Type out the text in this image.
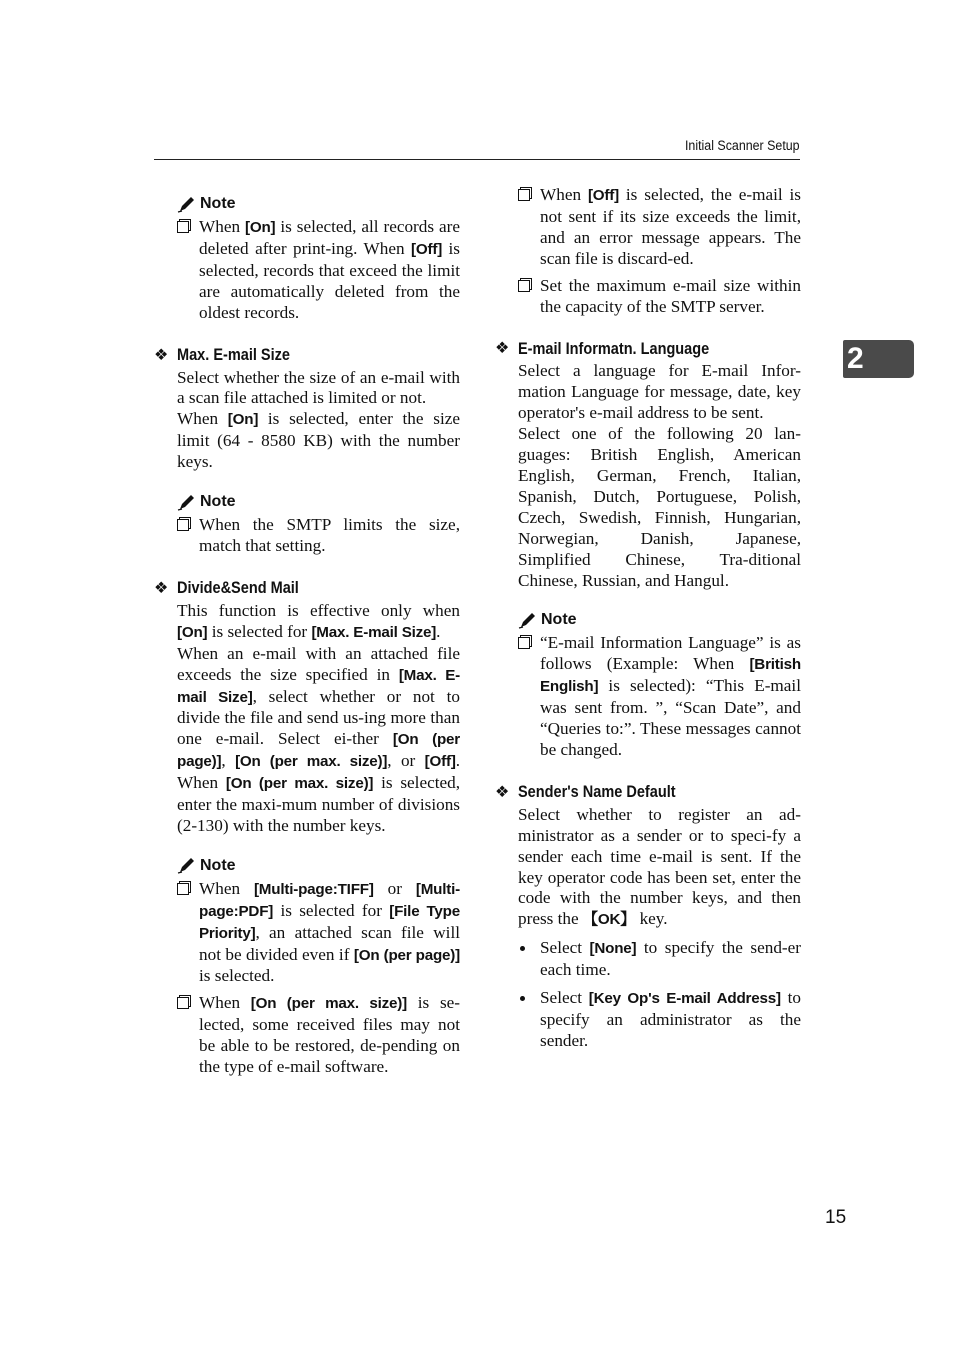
Initial Scanner Setup
2
Note

When [On] is selected, all records are deleted after print-ing. When [Off] is selected, records that exceed the limit are automatically deleted from the oldest records.

❖ Max. E-mail Size

Select whether the size of an e-mail with a scan file attached is limited or not.

When [On] is selected, enter the size limit (64 - 8580 KB) with the number keys.

Note

When the SMTP limits the size, match that setting.

❖ Divide&Send Mail

This function is effective only when [On] is selected for [Max. E-mail Size].

When an e-mail with an attached file exceeds the size specified in [Max. E-mail Size], select whether or not to divide the file and send us-ing more than one e-mail. Select ei-ther [On (per page)], [On (per max. size)], or [Off]. When [On (per max. size)] is selected, enter the maxi-mum number of divisions (2-130) with the number keys.

Note

When [Multi-page:TIFF] or [Multi-page:PDF] is selected for [File Type Priority], an attached scan file will not be divided even if [On (per page)] is selected.

When [On (per max. size)] is se-lected, some received files may not be able to be restored, de-pending on the type of e-mail software.

When [Off] is selected, the e-mail is not sent if its size exceeds the limit, and an error message appears. The scan file is discard-ed.

Set the maximum e-mail size within the capacity of the SMTP server.

❖ E-mail Informatn. Language

Select a language for E-mail Infor-mation Language for message, date, key operator's e-mail address to be sent.

Select one of the following 20 lan-guages: British English, American English, German, French, Italian, Spanish, Dutch, Portuguese, Polish, Czech, Swedish, Finnish, Hungarian, Norwegian, Danish, Japanese, Simplified Chinese, Tra-ditional Chinese, Russian, and Hangul.

Note

“E-mail Information Language” is as follows (Example: When [British English] is selected): “This E-mail was sent from. ”, “Scan Date”, and “Queries to:”. These messages cannot be changed.

❖ Sender's Name Default

Select whether to register an ad-ministrator as a sender or to speci-fy a sender each time e-mail is sent. If the key operator code has been set, enter the code with the number keys, and then press the 【OK】 key.

Select [None] to specify the send-er each time.

Select [Key Op's E-mail Address] to specify an administrator as the sender.

15
